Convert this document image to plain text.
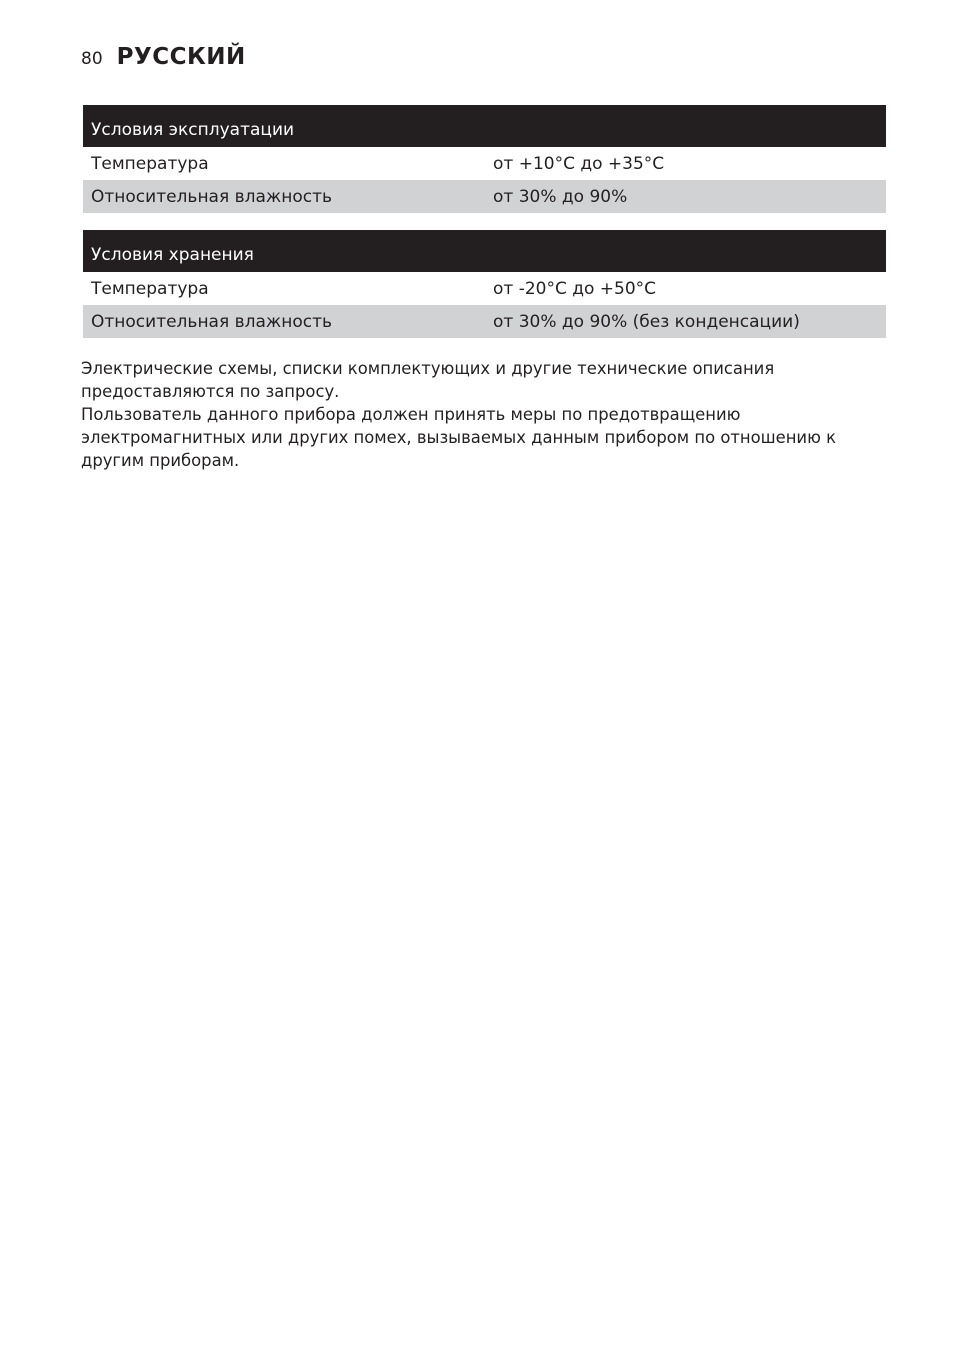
80 РУССКИЙ
Условия эксплуатации	
Температура	от +10°C до +35°C
Относительная влажность	от 30% до 90%
Условия хранения	
Температура	от -20°C до +50°C
Относительная влажность	от 30% до 90% (без конденсации)

Электрические схемы, списки комплектующих и другие технические описания предоставляются по запросу.

Пользователь данного прибора должен принять меры по предотвращению электромагнитных или других помех, вызываемых данным прибором по отношению к другим приборам.
